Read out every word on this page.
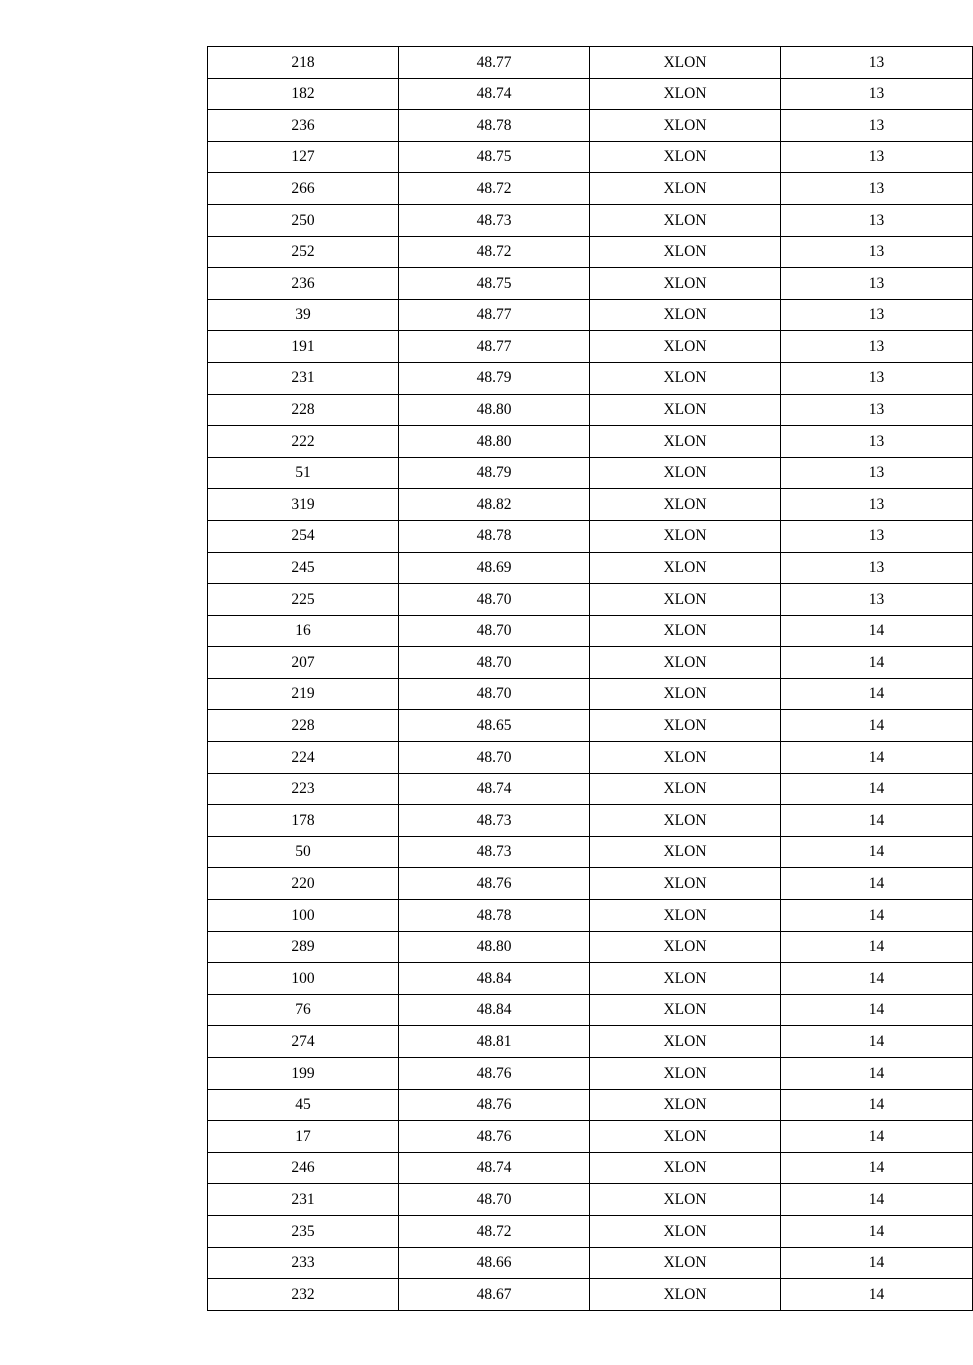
218	48.77	XLON	13
182	48.74	XLON	13
236	48.78	XLON	13
127	48.75	XLON	13
266	48.72	XLON	13
250	48.73	XLON	13
252	48.72	XLON	13
236	48.75	XLON	13
39	48.77	XLON	13
191	48.77	XLON	13
231	48.79	XLON	13
228	48.80	XLON	13
222	48.80	XLON	13
51	48.79	XLON	13
319	48.82	XLON	13
254	48.78	XLON	13
245	48.69	XLON	13
225	48.70	XLON	13
16	48.70	XLON	14
207	48.70	XLON	14
219	48.70	XLON	14
228	48.65	XLON	14
224	48.70	XLON	14
223	48.74	XLON	14
178	48.73	XLON	14
50	48.73	XLON	14
220	48.76	XLON	14
100	48.78	XLON	14
289	48.80	XLON	14
100	48.84	XLON	14
76	48.84	XLON	14
274	48.81	XLON	14
199	48.76	XLON	14
45	48.76	XLON	14
17	48.76	XLON	14
246	48.74	XLON	14
231	48.70	XLON	14
235	48.72	XLON	14
233	48.66	XLON	14
232	48.67	XLON	14
